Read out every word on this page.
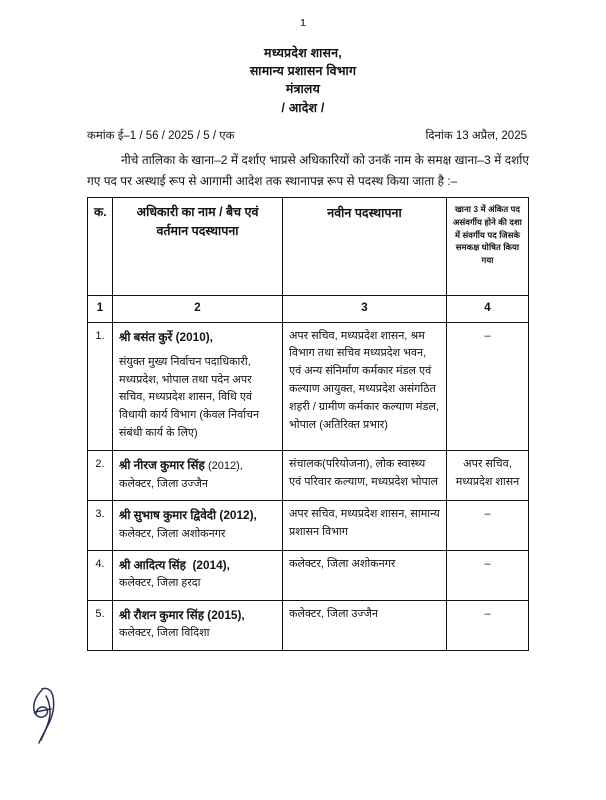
1
मध्यप्रदेश शासन,
सामान्य प्रशासन विभाग
मंत्रालय
/ आदेश /
कमांक ई–1 / 56 / 2025 / 5 / एक	दिनांक 13 अप्रैल, 2025
नीचे तालिका के खाना–2 में दर्शाए भाप्रसे अधिकारियों को उनकॅ नाम के समक्ष खाना–3 में दर्शाए गए पद पर अस्थाई रूप से आगामी आदेश तक स्थानापन्न रूप से पदस्थ किया जाता है :–
क.	अधिकारी का नाम / बैच एवं
वर्तमान पदस्थापना	नवीन पदस्थापना	खाना 3 में अंकित पद असंवर्गीय होने की दशा में संवर्गीय पद जिसके समकक्ष घोषित किया गया
1	2	3	4
1.	श्री बसंत कुर्रे (2010),
संयुक्त मुख्य निर्वाचन पदाधिकारी, मध्यप्रदेश, भोपाल तथा पदेन अपर सचिव, मध्यप्रदेश शासन, विधि एवं विधायी कार्य विभाग (केवल निर्वाचन संबंधी कार्य के लिए)	अपर सचिव, मध्यप्रदेश शासन, श्रम विभाग तथा सचिव मध्यप्रदेश भवन, एवं अन्य संनिर्माण कर्मकार मंडल एवं कल्याण आयुक्त, मध्यप्रदेश असंगठित शहरी / ग्रामीण कर्मकार कल्याण मंडल, भोपाल (अतिरिक्त प्रभार)	–
2.	श्री नीरज कुमार सिंह (2012),
कलेक्टर, जिला उज्जैन	संचालक(परियोजना), लोक स्वास्थ्य एवं परिवार कल्याण, मध्यप्रदेश भोपाल	अपर सचिव, मध्यप्रदेश शासन
3.	श्री सुभाष कुमार द्विवेदी (2012),
कलेक्टर, जिला अशोकनगर	अपर सचिव, मध्यप्रदेश शासन, सामान्य प्रशासन विभाग	–
4.	श्री आदित्य सिंह (2014),
कलेक्टर, जिला हरदा	कलेक्टर, जिला अशोकनगर	–
5.	श्री रौशन कुमार सिंह (2015),
कलेक्टर, जिला विदिशा	कलेक्टर, जिला उज्जैन	–
